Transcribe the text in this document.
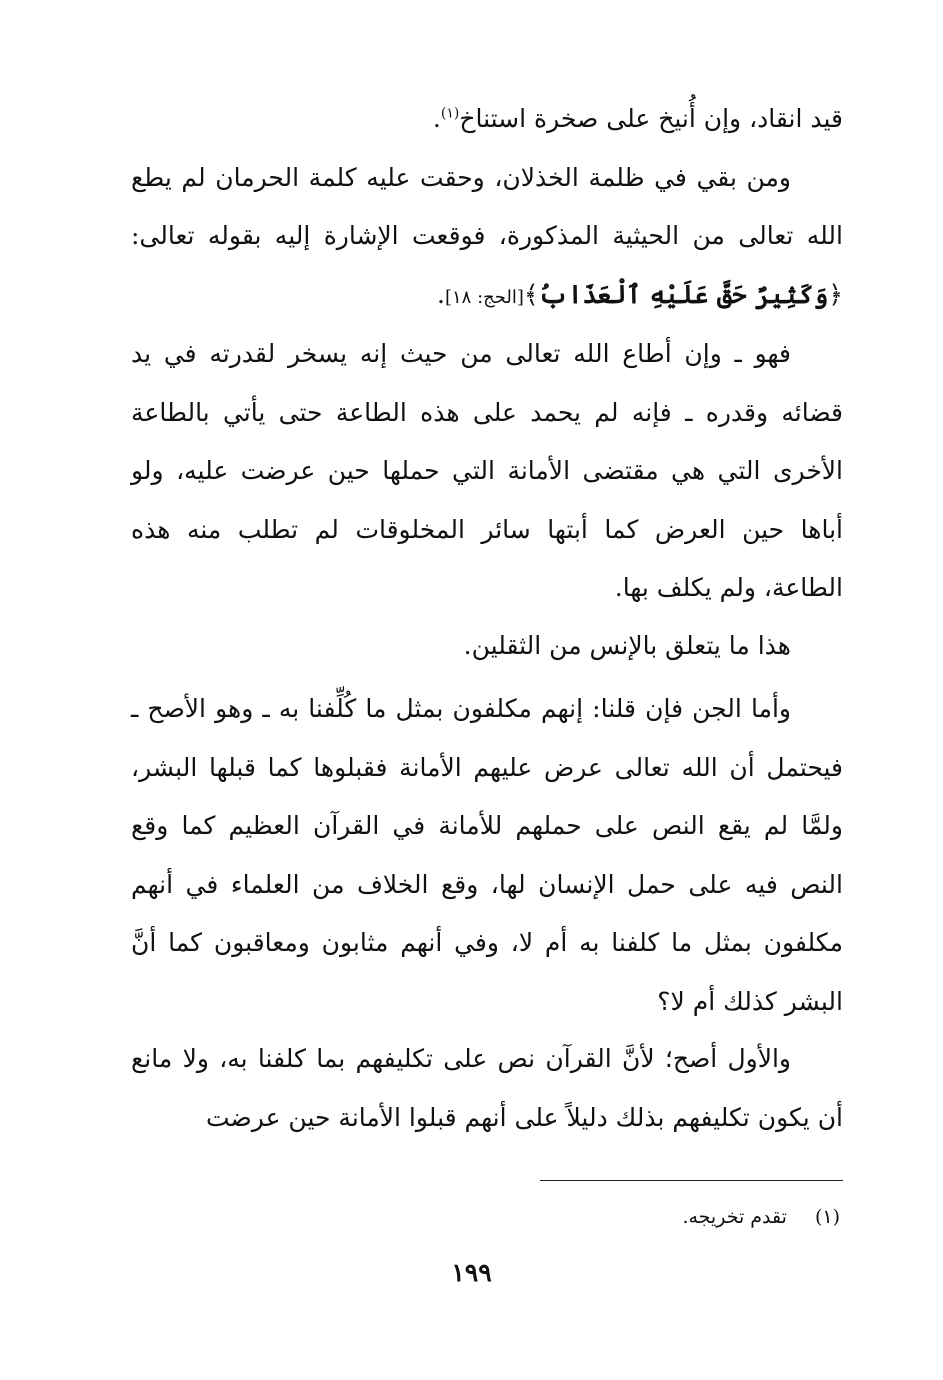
قيد انقاد، وإن أُنيخ على صخرة استناخ$^{(١)}$.

ومن بقي في ظلمة الخذلان، وحقت عليه كلمة الحرمان لم يطع الله تعالى من الحيثية المذكورة، فوقعت الإشارة إليه بقوله تعالى: ﴿وَكَثِيرٌ حَقَّ عَلَيْهِ ٱلْعَذَابُ﴾[الحج: ١٨].

فهو ـ وإن أطاع الله تعالى من حيث إنه يسخر لقدرته في يد قضائه وقدره ـ فإنه لم يحمد على هذه الطاعة حتى يأتي بالطاعة الأخرى التي هي مقتضى الأمانة التي حملها حين عرضت عليه، ولو أباها حين العرض كما أبتها سائر المخلوقات لم تطلب منه هذه الطاعة، ولم يكلف بها.

هذا ما يتعلق بالإنس من الثقلين.

وأما الجن فإن قلنا: إنهم مكلفون بمثل ما كُلِّفنا به ـ وهو الأصح ـ فيحتمل أن الله تعالى عرض عليهم الأمانة فقبلوها كما قبلها البشر، ولمَّا لم يقع النص على حملهم للأمانة في القرآن العظيم كما وقع النص فيه على حمل الإنسان لها، وقع الخلاف من العلماء في أنهم مكلفون بمثل ما كلفنا به أم لا، وفي أنهم مثابون ومعاقبون كما أنَّ البشر كذلك أم لا؟

والأول أصح؛ لأنَّ القرآن نص على تكليفهم بما كلفنا به، ولا مانع أن يكون تكليفهم بذلك دليلاً على أنهم قبلوا الأمانة حين عرضت

(١)تقدم تخريجه.
١٩٩
